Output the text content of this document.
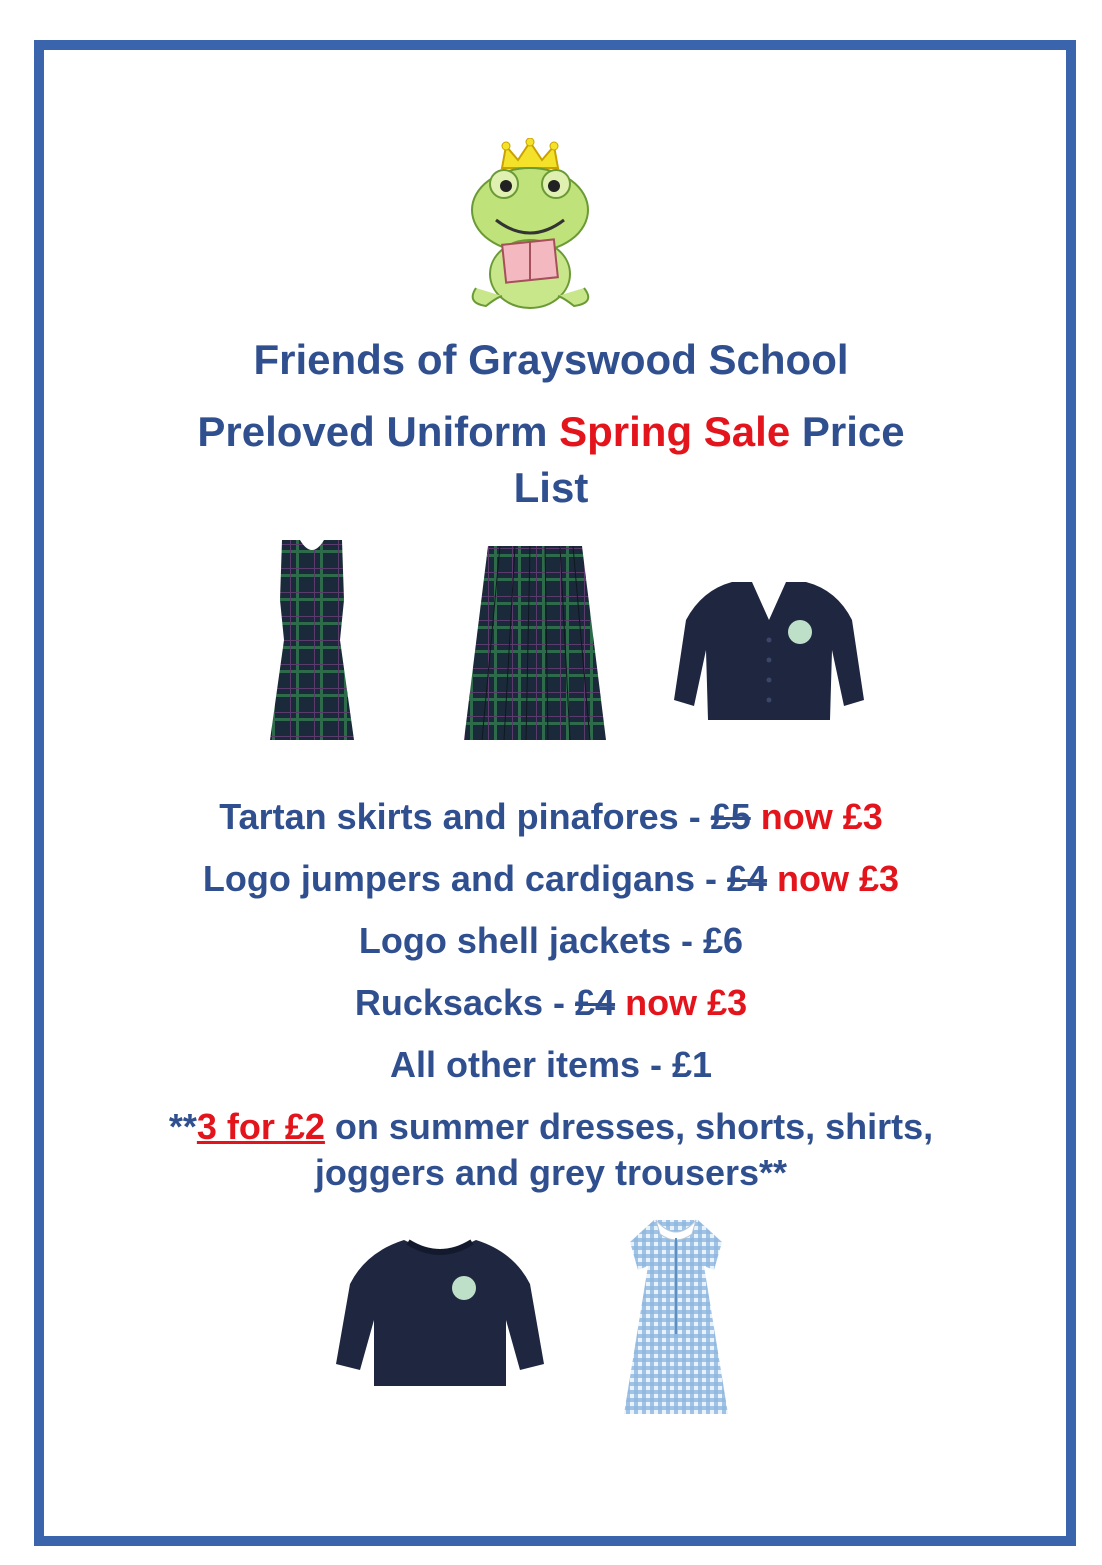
Friends of Grayswood School
Preloved Uniform Spring Sale Price
List
Tartan skirts and pinafores - £5 now £3
Logo jumpers and cardigans - £4 now £3
Logo shell jackets - £6
Rucksacks - £4 now £3
All other items - £1
**3 for £2 on summer dresses, shorts, shirts,
joggers and grey trousers**
